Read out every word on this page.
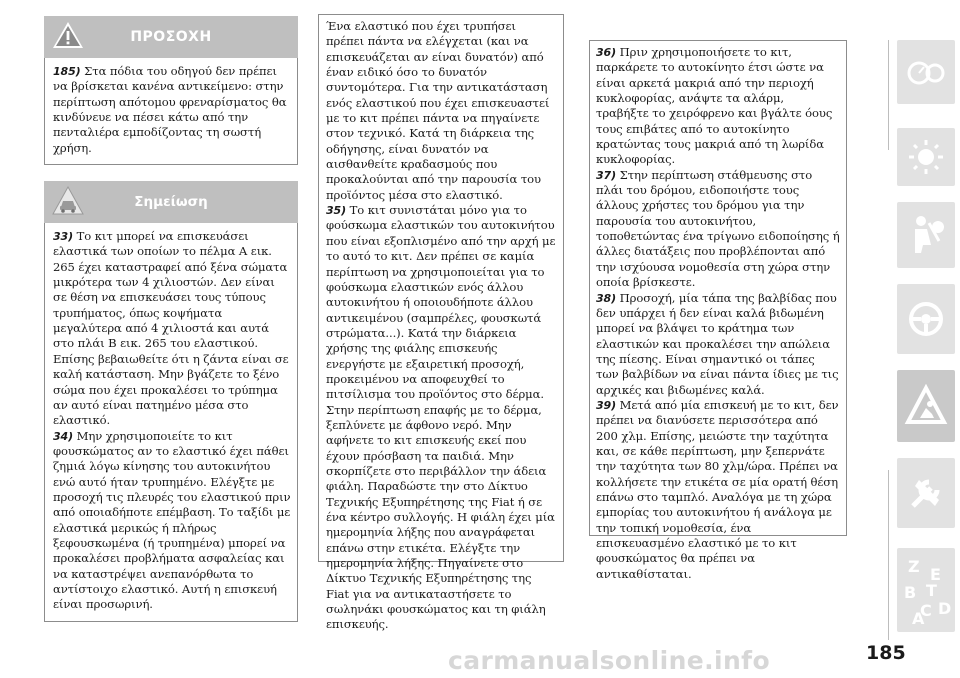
ΠΡΟΣΟΧΗ

185) Στα πόδια του οδηγού δεν πρέπει να βρίσκεται κανένα αντικείμενο: στην περίπτωση απότομου φρεναρίσματος θα κινδύνευε να πέσει κάτω από την πενταλιέρα εμποδίζοντας τη σωστή χρήση.

Σημείωση

33) Το κιτ μπορεί να επισκευάσει ελαστικά των οποίων το πέλμα Α εικ. 265 έχει καταστραφεί από ξένα σώματα μικρότερα των 4 χιλιοστών. Δεν είναι σε θέση να επισκευάσει τους τύπους τρυπήματος, όπως κοψήματα μεγαλύτερα από 4 χιλιοστά και αυτά στο πλάι Β εικ. 265 του ελαστικού. Επίσης βεβαιωθείτε ότι η ζάντα είναι σε καλή κατάσταση. Μην βγάζετε το ξένο σώμα που έχει προκαλέσει το τρύπημα αν αυτό είναι πατημένο μέσα στο ελαστικό.

34) Μην χρησιμοποιείτε το κιτ φουσκώματος αν το ελαστικό έχει πάθει ζημιά λόγω κίνησης του αυτοκινήτου ενώ αυτό ήταν τρυπημένο. Ελέγξτε με προσοχή τις πλευρές του ελαστικού πριν από οποιαδήποτε επέμβαση. Το ταξίδι με ελαστικά μερικώς ή πλήρως ξεφουσκωμένα (ή τρυπημένα) μπορεί να προκαλέσει προβλήματα ασφαλείας και να καταστρέψει ανεπανόρθωτα το αντίστοιχο ελαστικό. Αυτή η επισκευή είναι προσωρινή.

Ένα ελαστικό που έχει τρυπήσει πρέπει πάντα να ελέγχεται (και να επισκευάζεται αν είναι δυνατόν) από έναν ειδικό όσο το δυνατόν συντομότερα. Για την αντικατάσταση ενός ελαστικού που έχει επισκευαστεί με το κιτ πρέπει πάντα να πηγαίνετε στον τεχνικό. Κατά τη διάρκεια της οδήγησης, είναι δυνατόν να αισθανθείτε κραδασμούς που προκαλούνται από την παρουσία του προϊόντος μέσα στο ελαστικό.

35) Το κιτ συνιστάται μόνο για το φούσκωμα ελαστικών του αυτοκινήτου που είναι εξοπλισμένο από την αρχή με το αυτό το κιτ. Δεν πρέπει σε καμία περίπτωση να χρησιμοποιείται για το φούσκωμα ελαστικών ενός άλλου αυτοκινήτου ή οποιουδήποτε άλλου αντικειμένου (σαμπρέλες, φουσκωτά στρώματα...). Κατά την διάρκεια χρήσης της φιάλης επισκευής ενεργήστε με εξαιρετική προσοχή, προκειμένου να αποφευχθεί το πιτσίλισμα του προϊόντος στο δέρμα. Στην περίπτωση επαφής με το δέρμα, ξεπλύνετε με άφθονο νερό. Μην αφήνετε το κιτ επισκευής εκεί που έχουν πρόσβαση τα παιδιά. Μην σκορπίζετε στο περιβάλλον την άδεια φιάλη. Παραδώστε την στο Δίκτυο Τεχνικής Εξυπηρέτησης της Fiat ή σε ένα κέντρο συλλογής. Η φιάλη έχει μία ημερομηνία λήξης που αναγράφεται επάνω στην ετικέτα. Ελέγξτε την ημερομηνία λήξης. Πηγαίνετε στο Δίκτυο Τεχνικής Εξυπηρέτησης της Fiat για να αντικαταστήσετε το σωληνάκι φουσκώματος και τη φιάλη επισκευής.

36) Πριν χρησιμοποιήσετε το κιτ, παρκάρετε το αυτοκίνητο έτσι ώστε να είναι αρκετά μακριά από την περιοχή κυκλοφορίας, ανάψτε τα αλάρμ, τραβήξτε το χειρόφρενο και βγάλτε όους τους επιβάτες από το αυτοκίνητο κρατώντας τους μακριά από τη λωρίδα κυκλοφορίας.

37) Στην περίπτωση στάθμευσης στο πλάι του δρόμου, ειδοποιήστε τους άλλους χρήστες του δρόμου για την παρουσία του αυτοκινήτου, τοποθετώντας ένα τρίγωνο ειδοποίησης ή άλλες διατάξεις που προβλέπονται από την ισχύουσα νομοθεσία στη χώρα στην οποία βρίσκεστε.

38) Προσοχή, μία τάπα της βαλβίδας που δεν υπάρχει ή δεν είναι καλά βιδωμένη μπορεί να βλάψει το κράτημα των ελαστικών και προκαλέσει την απώλεια της πίεσης. Είναι σημαντικό οι τάπες των βαλβίδων να είναι πάντα ίδιες με τις αρχικές και βιδωμένες καλά.

39) Μετά από μία επισκευή με το κιτ, δεν πρέπει να διανύσετε περισσότερα από 200 χλμ. Επίσης, μειώστε την ταχύτητα και, σε κάθε περίπτωση, μην ξεπερνάτε την ταχύτητα των 80 χλμ/ώρα. Πρέπει να κολλήσετε την ετικέτα σε μία ορατή θέση επάνω στο ταμπλό. Αναλόγα με τη χώρα εμπορίας του αυτοκινήτου ή ανάλογα με την τοπική νομοθεσία, ένα επισκευασμένο ελαστικό με το κιτ φουσκώματος θα πρέπει να αντικαθίσταται.	Z E
B
C
T
A
D
carmanualsonline.info	185
